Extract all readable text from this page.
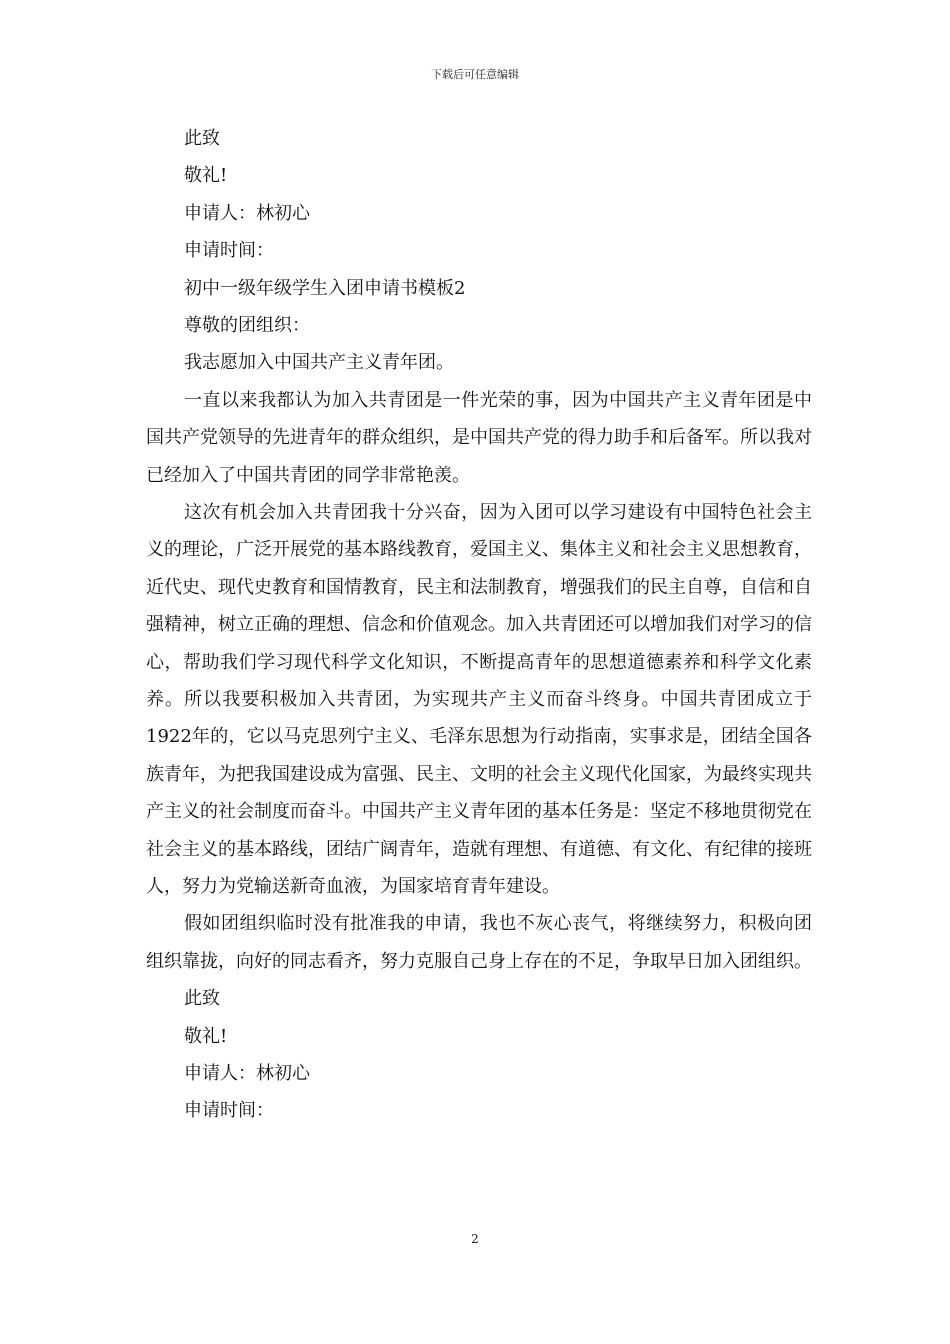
下载后可任意编辑
此致
敬礼!
申请人：林初心
申请时间：
初中一级年级学生入团申请书模板2
尊敬的团组织：
我志愿加入中国共产主义青年团。
一直以来我都认为加入共青团是一件光荣的事，因为中国共产主义青年团是中国共产党领导的先进青年的群众组织，是中国共产党的得力助手和后备军。所以我对已经加入了中国共青团的同学非常艳羡。
这次有机会加入共青团我十分兴奋，因为入团可以学习建设有中国特色社会主义的理论，广泛开展党的基本路线教育，爱国主义、集体主义和社会主义思想教育，近代史、现代史教育和国情教育，民主和法制教育，增强我们的民主自尊，自信和自强精神，树立正确的理想、信念和价值观念。加入共青团还可以增加我们对学习的信心，帮助我们学习现代科学文化知识，不断提高青年的思想道德素养和科学文化素养。所以我要积极加入共青团，为实现共产主义而奋斗终身。中国共青团成立于1922年的，它以马克思列宁主义、毛泽东思想为行动指南，实事求是，团结全国各族青年，为把我国建设成为富强、民主、文明的社会主义现代化国家，为最终实现共产主义的社会制度而奋斗。中国共产主义青年团的基本任务是：坚定不移地贯彻党在社会主义的基本路线，团结广阔青年，造就有理想、有道德、有文化、有纪律的接班人，努力为党输送新奇血液，为国家培育青年建设。
假如团组织临时没有批准我的申请，我也不灰心丧气，将继续努力，积极向团组织靠拢，向好的同志看齐，努力克服自己身上存在的不足，争取早日加入团组织。
此致
敬礼!
申请人：林初心
申请时间：
2
